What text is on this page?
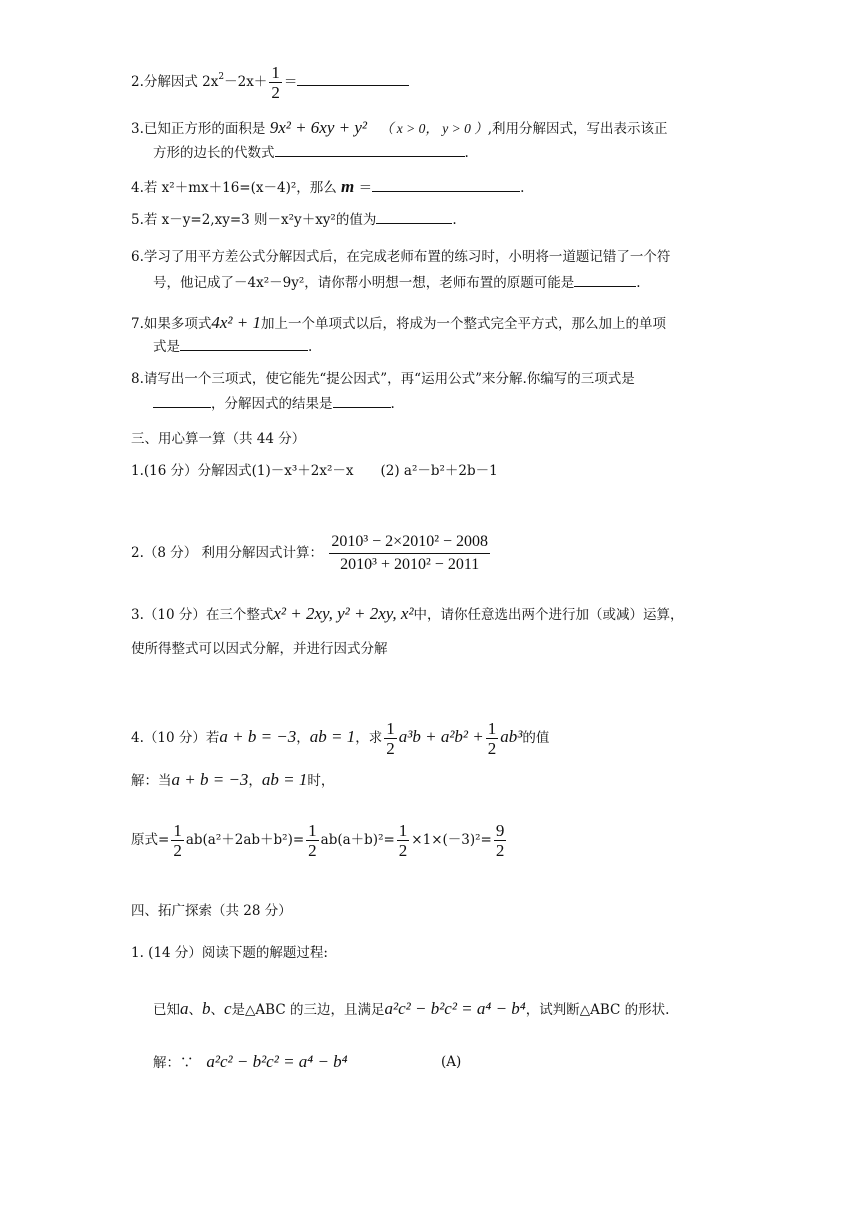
2.分解因式 $2x^2-2x+ \frac{1}{2}$ ＝
3.已知正方形的面积是 9x² + 6xy + y² （ x > 0， y > 0 ）,利用分解因式，写出表示该正
方形的边长的代数式	.
4.若 x²＋mx＋16=(x－4)²，那么 m ＝	.
5.若 x－y=2,xy=3 则－x²y＋xy²的值为	.
6.学习了用平方差公式分解因式后，在完成老师布置的练习时，小明将一道题记错了一个符
号，他记成了－4x²－9y²，请你帮小明想一想，老师布置的原题可能是	.
7.如果多项式4x² + 1加上一个单项式以后，将成为一个整式完全平方式，那么加上的单项
式是	.
8.请写出一个三项式，使它能先“提公因式”，再“运用公式”来分解.你编写的三项式是
，分解因式的结果是	.
三、用心算一算（共 44 分）
1.(16 分）分解因式(1)－x³＋2x²－x　　(2) a²－b²＋2b－1
2.（8 分） 利用分解因式计算： $\frac{\text{2010³ − 2×2010² − 2008}}{\text{2010³ + 2010² − 2011}}$
3.（10 分）在三个整式x² + 2xy, y² + 2xy, x²中，请你任意选出两个进行加（或减）运算，
使所得整式可以因式分解，并进行因式分解
4.（10 分）若a + b = −3，ab = 1，求 $\frac{1}{2} a^3b + a^2b^2 + \frac{1}{2} ab^3$的值
解：当a + b = −3，ab = 1时，
原式= $\frac{1}{2} ab(a^2+2ab+b^2)= \frac{1}{2} ab(a+b)^2= \frac{1}{2} \times 1\times(-3)^2= \frac{9}{2}$
四、拓广探索（共 28 分）
1. (14 分）阅读下题的解题过程:
已知a、b、c是△ABC 的三边，且满足a²c² − b²c² = a⁴ − b⁴，试判断△ABC 的形状.
解：∵ a²c² − b²c² = a⁴ − b⁴	(A)
